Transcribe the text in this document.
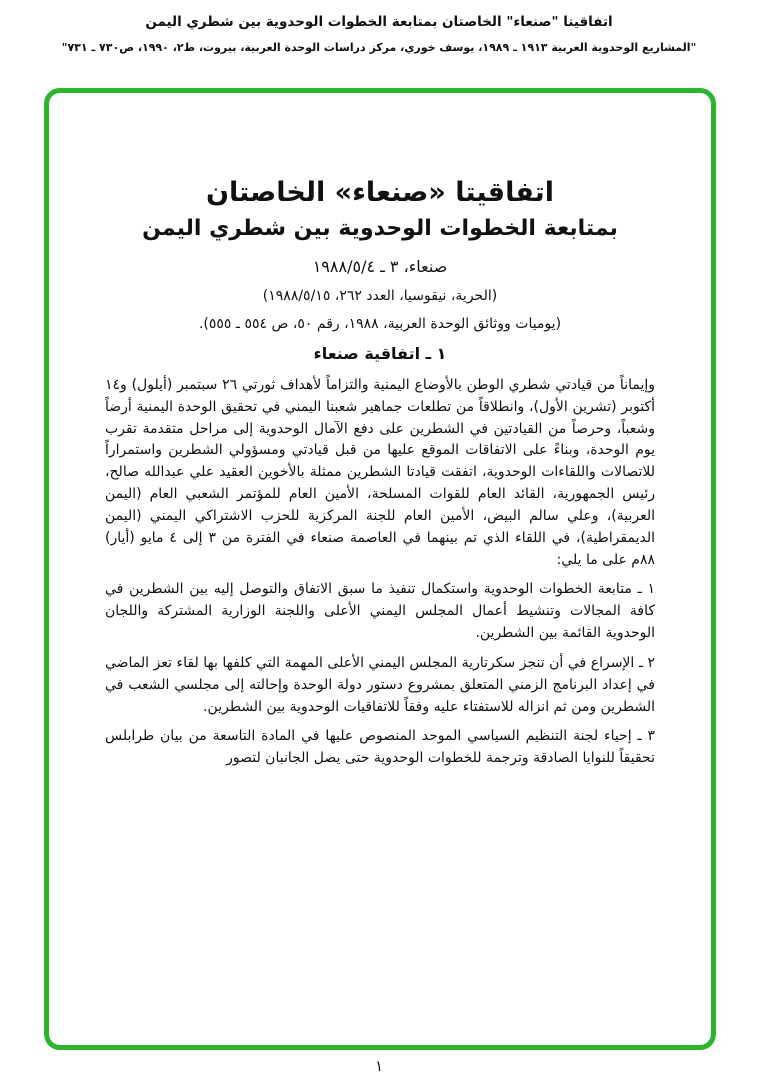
اتفاقيتا "صنعاء" الخاصتان بمتابعة الخطوات الوحدوية بين شطري اليمن
"المشاريع الوحدوية العربية ١٩١٣ ـ ١٩٨٩، يوسف خوري، مركز دراسات الوحدة العربية، بيروت، ط٢، ١٩٩٠، ص٧٣٠ ـ ٧٣١"
اتفاقيتا «صنعاء» الخاصتان
بمتابعة الخطوات الوحدوية بين شطري اليمن
صنعاء، ٣ ـ ١٩٨٨/٥/٤
(الحرية، نيقوسيا، العدد ٢٦٢، ١٩٨٨/٥/١٥)
(يوميات ووثائق الوحدة العربية، ١٩٨٨، رقم ٥٠، ص ٥٥٤ ـ ٥٥٥).
١ ـ اتفاقية صنعاء

وإيماناً من قيادتي شطري الوطن بالأوضاع اليمنية والتزاماً لأهداف ثورتي ٢٦ سبتمبر (أيلول) و١٤ أكتوبر (تشرين الأول)، وانطلاقاً من تطلعات جماهير شعبنا اليمني في تحقيق الوحدة اليمنية أرضاً وشعباً، وحرصاً من القيادتين في الشطرين على دفع الآمال الوحدوية إلى مراحل متقدمة تقرب يوم الوحدة، وبناءً على الاتفاقات الموقع عليها من قبل قيادتي ومسؤولي الشطرين واستمراراً للاتصالات واللقاءات الوحدوية، اتفقت قيادتا الشطرين ممثلة بالأخوين العقيد علي عبدالله صالح، رئيس الجمهورية، القائد العام للقوات المسلحة، الأمين العام للمؤتمر الشعبي العام (اليمن العربية)، وعلي سالم البيض، الأمين العام للجنة المركزية للحزب الاشتراكي اليمني (اليمن الديمقراطية)، في اللقاء الذي تم بينهما في العاصمة صنعاء في الفترة من ٣ إلى ٤ مايو (أيار) ٨٨م على ما يلي:

١ ـ متابعة الخطوات الوحدوية واستكمال تنفيذ ما سبق الاتفاق والتوصل إليه بين الشطرين في كافة المجالات وتنشيط أعمال المجلس اليمني الأعلى واللجنة الوزارية المشتركة واللجان الوحدوية القائمة بين الشطرين.

٢ ـ الإسراع في أن تنجز سكرتارية المجلس اليمني الأعلى المهمة التي كلفها بها لقاء تعز الماضي في إعداد البرنامج الزمني المتعلق بمشروع دستور دولة الوحدة وإحالته إلى مجلسي الشعب في الشطرين ومن ثم انزاله للاستفتاء عليه وفقاً للاتفاقيات الوحدوية بين الشطرين.

٣ ـ إحياء لجنة التنظيم السياسي الموحد المنصوص عليها في المادة التاسعة من بيان طرابلس تحقيقاً للنوايا الصادقة وترجمة للخطوات الوحدوية حتى يصل الجانبان لتصور

١
